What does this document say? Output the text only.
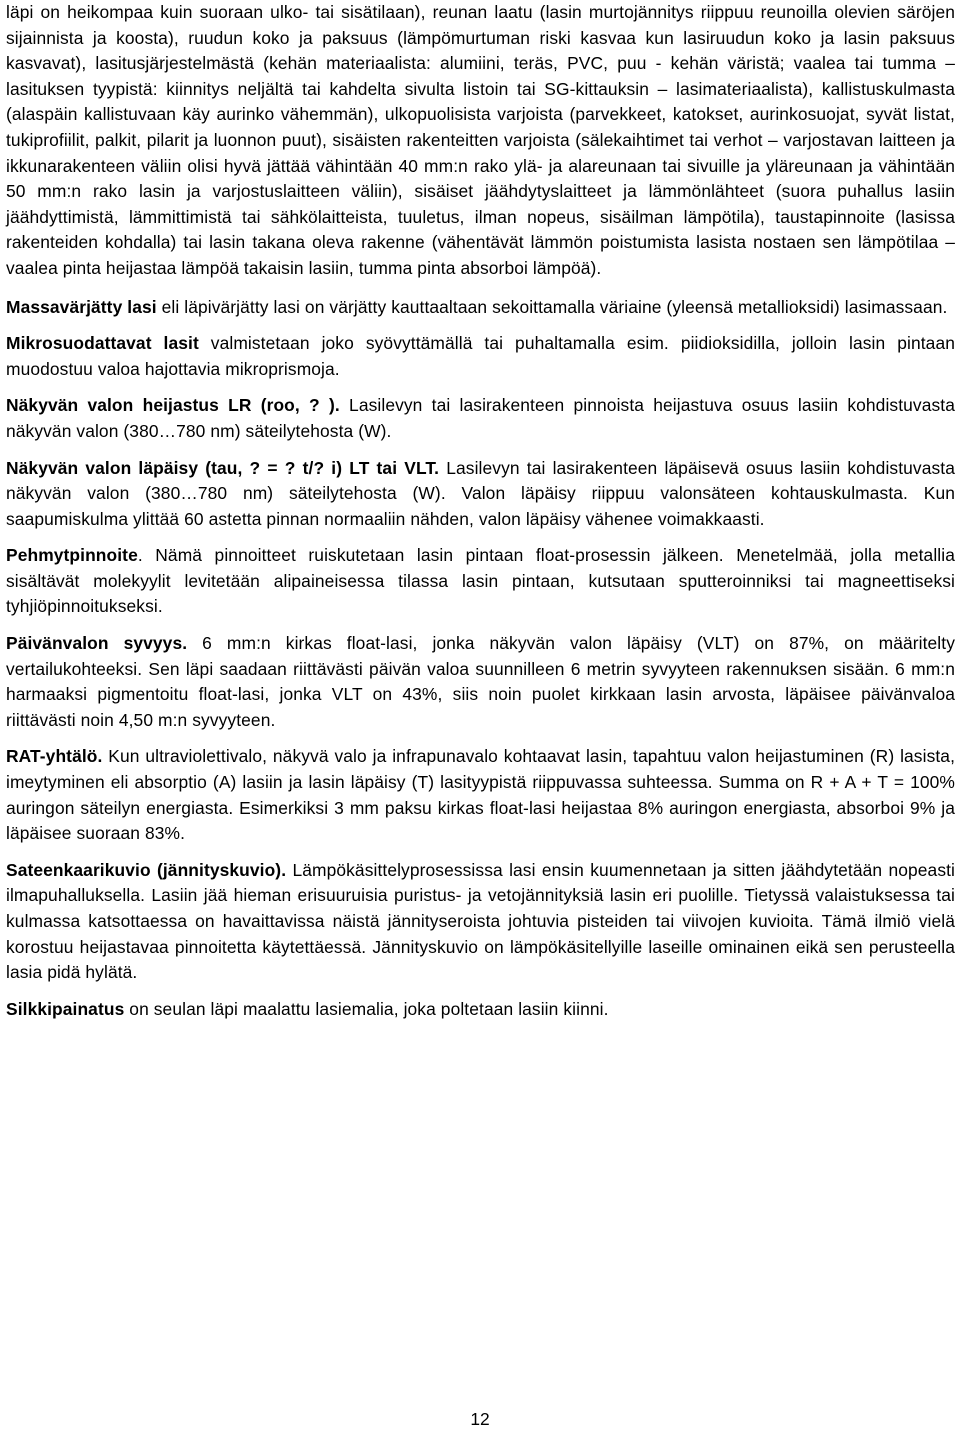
läpi on heikompaa kuin suoraan ulko- tai sisätilaan), reunan laatu (lasin murtojännitys riippuu reunoilla olevien säröjen sijainnista ja koosta), ruudun koko ja paksuus (lämpömurtuman riski kasvaa kun lasiruudun koko ja lasin paksuus kasvavat), lasitusjärjestelmästä (kehän materiaalista: alumiini, teräs, PVC, puu - kehän väristä; vaalea tai tumma – lasituksen tyypistä: kiinnitys neljältä tai kahdelta sivulta listoin tai SG-kittauksin – lasimateriaalista), kallistuskulmasta (alaspäin kallistuvaan käy aurinko vähemmän), ulkopuolisista varjoista (parvekkeet, katokset, aurinkosuojat, syvät listat, tukiprofiilit, palkit, pilarit ja luonnon puut), sisäisten rakenteitten varjoista (sälekaihtimet tai verhot – varjostavan laitteen ja ikkunarakenteen väliin olisi hyvä jättää vähintään 40 mm:n rako ylä- ja alareunaan tai sivuille ja yläreunaan ja vähintään 50 mm:n rako lasin ja varjostuslaitteen väliin), sisäiset jäähdytyslaitteet ja lämmönlähteet (suora puhallus lasiin jäähdyttimistä, lämmittimistä tai sähkölaitteista, tuuletus, ilman nopeus, sisäilman lämpötila), taustapinnoite (lasissa rakenteiden kohdalla) tai lasin takana oleva rakenne (vähentävät lämmön poistumista lasista nostaen sen lämpötilaa – vaalea pinta heijastaa lämpöä takaisin lasiin, tumma pinta absorboi lämpöä).

Massavärjätty lasi eli läpivärjätty lasi on värjätty kauttaaltaan sekoittamalla väriaine (yleensä metallioksidi) lasimassaan.

Mikrosuodattavat lasit valmistetaan joko syövyttämällä tai puhaltamalla esim. piidioksidilla, jolloin lasin pintaan muodostuu valoa hajottavia mikroprismoja.

Näkyvän valon heijastus LR (roo, ? ). Lasilevyn tai lasirakenteen pinnoista heijastuva osuus lasiin kohdistuvasta näkyvän valon (380…780 nm) säteilytehosta (W).

Näkyvän valon läpäisy (tau, ? = ? t/? i) LT tai VLT. Lasilevyn tai lasirakenteen läpäisevä osuus lasiin kohdistuvasta näkyvän valon (380…780 nm) säteilytehosta (W). Valon läpäisy riippuu valonsäteen kohtauskulmasta. Kun saapumiskulma ylittää 60 astetta pinnan normaaliin nähden, valon läpäisy vähenee voimakkaasti.

Pehmytpinnoite. Nämä pinnoitteet ruiskutetaan lasin pintaan float-prosessin jälkeen. Menetelmää, jolla metallia sisältävät molekyylit levitetään alipaineisessa tilassa lasin pintaan, kutsutaan sputteroinniksi tai magneettiseksi tyhjiöpinnoitukseksi.

Päivänvalon syvyys. 6 mm:n kirkas float-lasi, jonka näkyvän valon läpäisy (VLT) on 87%, on määritelty vertailukohteeksi. Sen läpi saadaan riittävästi päivän valoa suunnilleen 6 metrin syvyyteen rakennuksen sisään. 6 mm:n harmaaksi pigmentoitu float-lasi, jonka VLT on 43%, siis noin puolet kirkkaan lasin arvosta, läpäisee päivänvaloa riittävästi noin 4,50 m:n syvyyteen.

RAT-yhtälö. Kun ultraviolettivalo, näkyvä valo ja infrapunavalo kohtaavat lasin, tapahtuu valon heijastuminen (R) lasista, imeytyminen eli absorptio (A) lasiin ja lasin läpäisy (T) lasityypistä riippuvassa suhteessa. Summa on R + A + T = 100% auringon säteilyn energiasta. Esimerkiksi 3 mm paksu kirkas float-lasi heijastaa 8% auringon energiasta, absorboi 9% ja läpäisee suoraan 83%.

Sateenkaarikuvio (jännityskuvio). Lämpökäsittelyprosessissa lasi ensin kuumennetaan ja sitten jäähdytetään nopeasti ilmapuhalluksella. Lasiin jää hieman erisuuruisia puristus- ja vetojännityksiä lasin eri puolille. Tietyssä valaistuksessa tai kulmassa katsottaessa on havaittavissa näistä jännityseroista johtuvia pisteiden tai viivojen kuvioita. Tämä ilmiö vielä korostuu heijastavaa pinnoitetta käytettäessä. Jännityskuvio on lämpökäsitellyille laseille ominainen eikä sen perusteella lasia pidä hylätä.

Silkkipainatus on seulan läpi maalattu lasiemalia, joka poltetaan lasiin kiinni.

12
